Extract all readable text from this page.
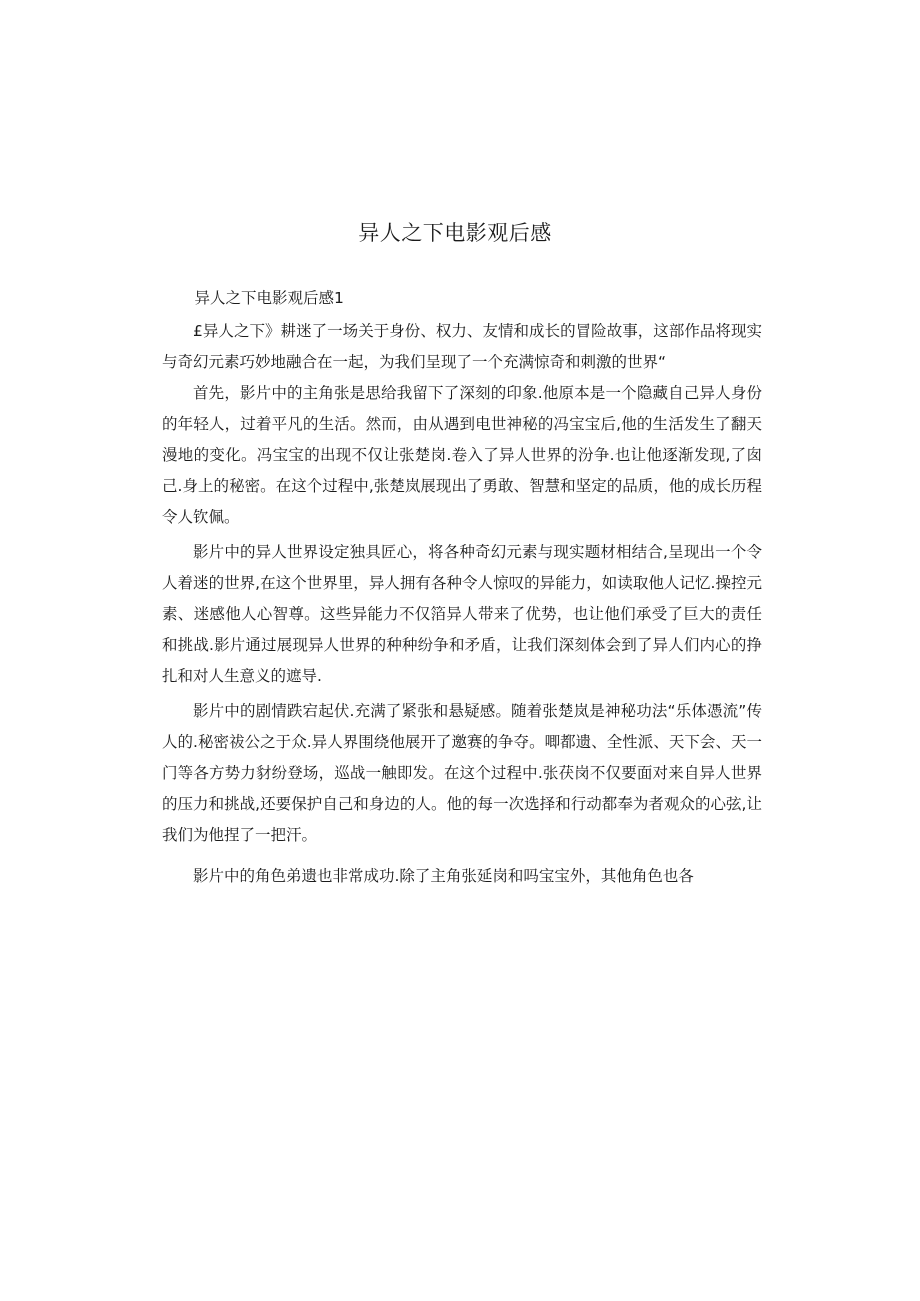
异人之下电影观后感

异人之下电影观后感1

£异人之下》耕迷了一场关于身份、权力、友情和成长的冒险故事，这部作品将现实与奇幻元素巧妙地融合在一起，为我们呈现了一个充满惊奇和刺激的世界“

首先，影片中的主角张是思给我留下了深刻的印象.他原本是一个隐藏自己异人身份的年轻人，过着平凡的生活。然而，由从遇到电世神秘的冯宝宝后,他的生活发生了翻天漫地的变化。冯宝宝的出现不仅让张楚岗.卷入了异人世界的汾争.也让他逐渐发现,了囱己.身上的秘密。在这个过程中,张楚岚展现出了勇敢、智慧和坚定的品质，他的成长历程令人钦佩。

影片中的异人世界设定独具匠心，将各种奇幻元素与现实题材相结合,呈现出一个令人着迷的世界,在这个世界里，异人拥有各种令人惊叹的异能力，如读取他人记忆.操控元素、迷感他人心智尊。这些异能力不仅箔异人带来了优势，也让他们承受了巨大的责任和挑战.影片通过展现异人世界的种种纷争和矛盾，让我们深刻体会到了异人们内心的挣扎和对人生意义的遮导.

影片中的剧情跌宕起伏.充满了紧张和悬疑感。随着张楚岚是神秘功法“乐体憑流”传人的.秘密祓公之于众.异人界围绕他展开了邀赛的争夺。唧都遗、全性派、天下会、天一门等各方势力豺纷登场，巡战一触即发。在这个过程中.张茯岗不仅要面对来自异人世界的压力和挑战,还要保护自己和身边的人。他的每一次选择和行动都奉为者观众的心弦,让我们为他捏了一把汗。

影片中的角色弟遗也非常成功.除了主角张延岗和吗宝宝外，其他角色也各
